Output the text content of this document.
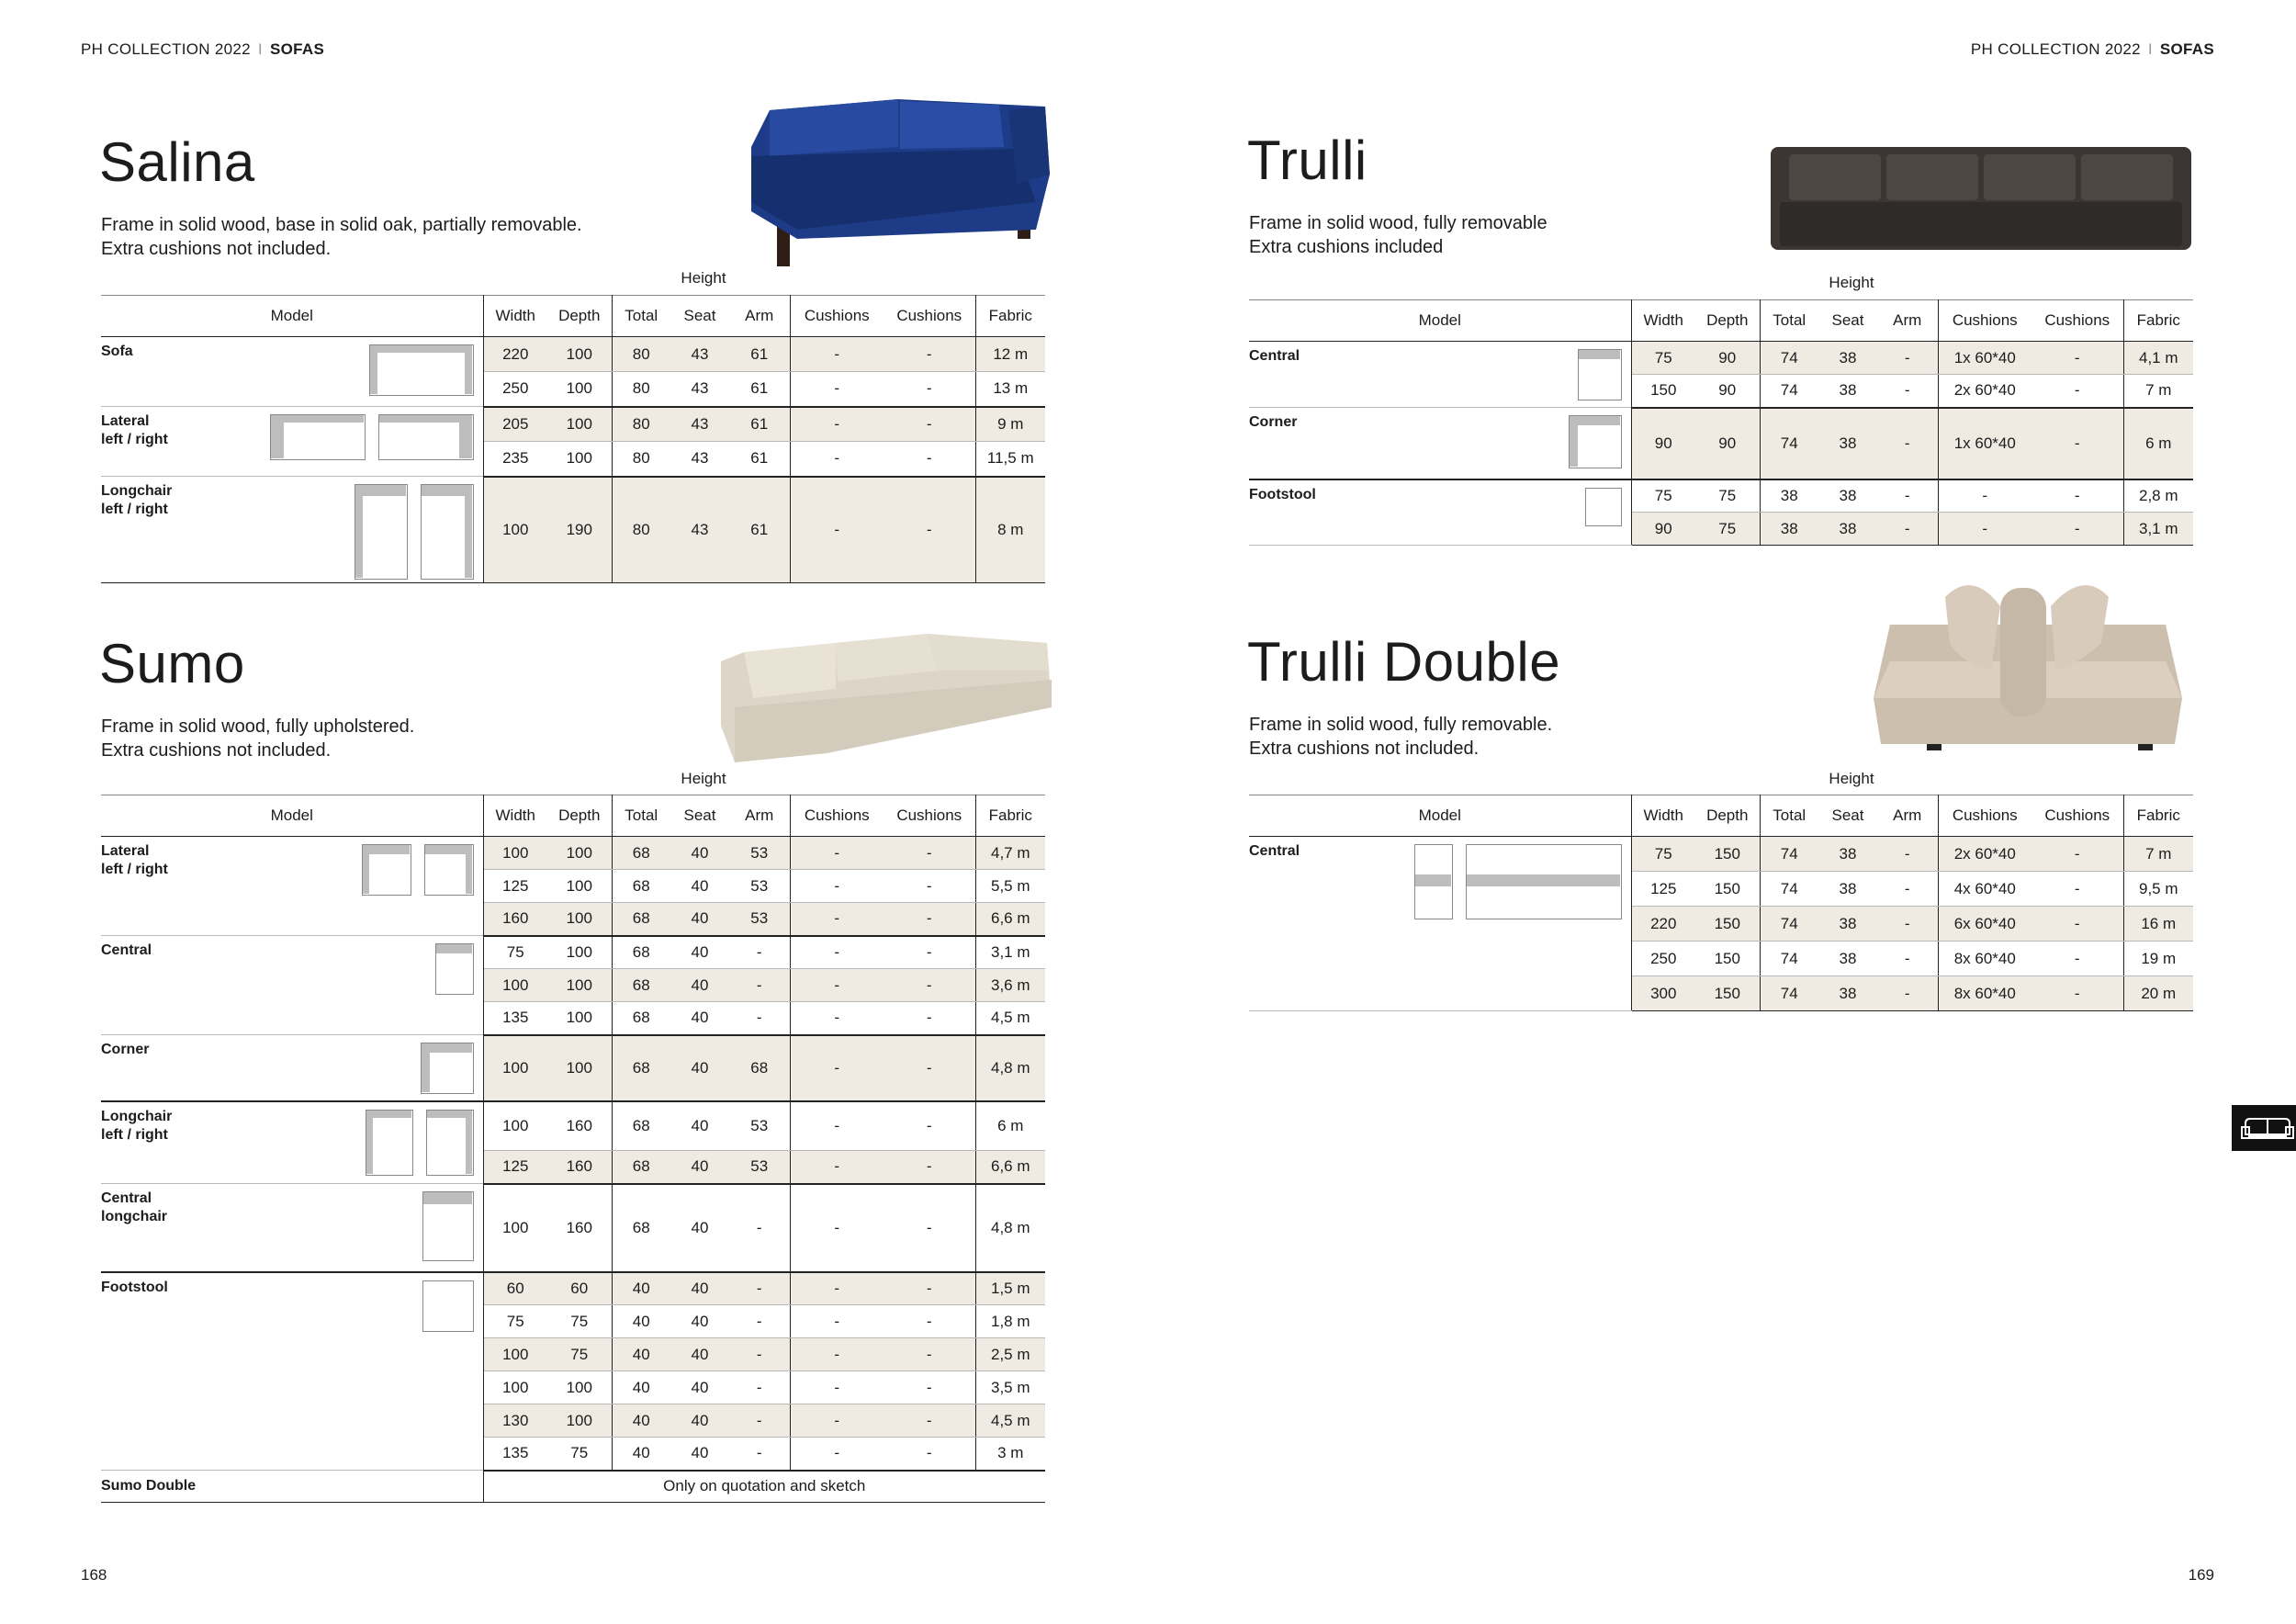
PH COLLECTION 2022 I SOFAS	PH COLLECTION 2022 I SOFAS
Salina
Frame in solid wood, base in solid oak, partially removable.
Extra cushions not included.
Height
Model	Width	Depth	Total	Seat	Arm	Cushions	Cushions	Fabric

Sofa	220	100	80	43	61	-	-	12 m
	250	100	80	43	61	-	-	13 m

Lateral
left / right	205	100	80	43	61	-	-	9 m
	235	100	80	43	61	-	-	11,5 m

Longchair
left / right	100	190	80	43	61	-	-	8 m
Sumo
Frame in solid wood, fully upholstered.
Extra cushions not included.
Height
Model	Width	Depth	Total	Seat	Arm	Cushions	Cushions	Fabric

Lateral
left / right	100	100	68	40	53	-	-	4,7 m
	125	100	68	40	53	-	-	5,5 m
	160	100	68	40	53	-	-	6,6 m

Central	75	100	68	40	-	-	-	3,1 m
	100	100	68	40	-	-	-	3,6 m
	135	100	68	40	-	-	-	4,5 m

Corner	100	100	68	40	68	-	-	4,8 m

Longchair
left / right	100	160	68	40	53	-	-	6 m
	125	160	68	40	53	-	-	6,6 m

Central
longchair	100	160	68	40	-	-	-	4,8 m

Footstool	60	60	40	40	-	-	-	1,5 m
	75	75	40	40	-	-	-	1,8 m
	100	75	40	40	-	-	-	2,5 m
	100	100	40	40	-	-	-	3,5 m
	130	100	40	40	-	-	-	4,5 m
	135	75	40	40	-	-	-	3 m

Sumo Double	Only on quotation and sketch							
Trulli
Frame in solid wood, fully removable
Extra cushions included
Height
Model	Width	Depth	Total	Seat	Arm	Cushions	Cushions	Fabric

Central	75	90	74	38	-	1x 60*40	-	4,1 m
	150	90	74	38	-	2x 60*40	-	7 m

Corner	90	90	74	38	-	1x 60*40	-	6 m

Footstool	75	75	38	38	-	-	-	2,8 m
	90	75	38	38	-	-	-	3,1 m
Trulli Double
Frame in solid wood, fully removable.
Extra cushions not included.
Height
Model	Width	Depth	Total	Seat	Arm	Cushions	Cushions	Fabric

Central	75	150	74	38	-	2x 60*40	-	7 m
	125	150	74	38	-	4x 60*40	-	9,5 m
	220	150	74	38	-	6x 60*40	-	16 m
	250	150	74	38	-	8x 60*40	-	19 m
	300	150	74	38	-	8x 60*40	-	20 m
168	169
